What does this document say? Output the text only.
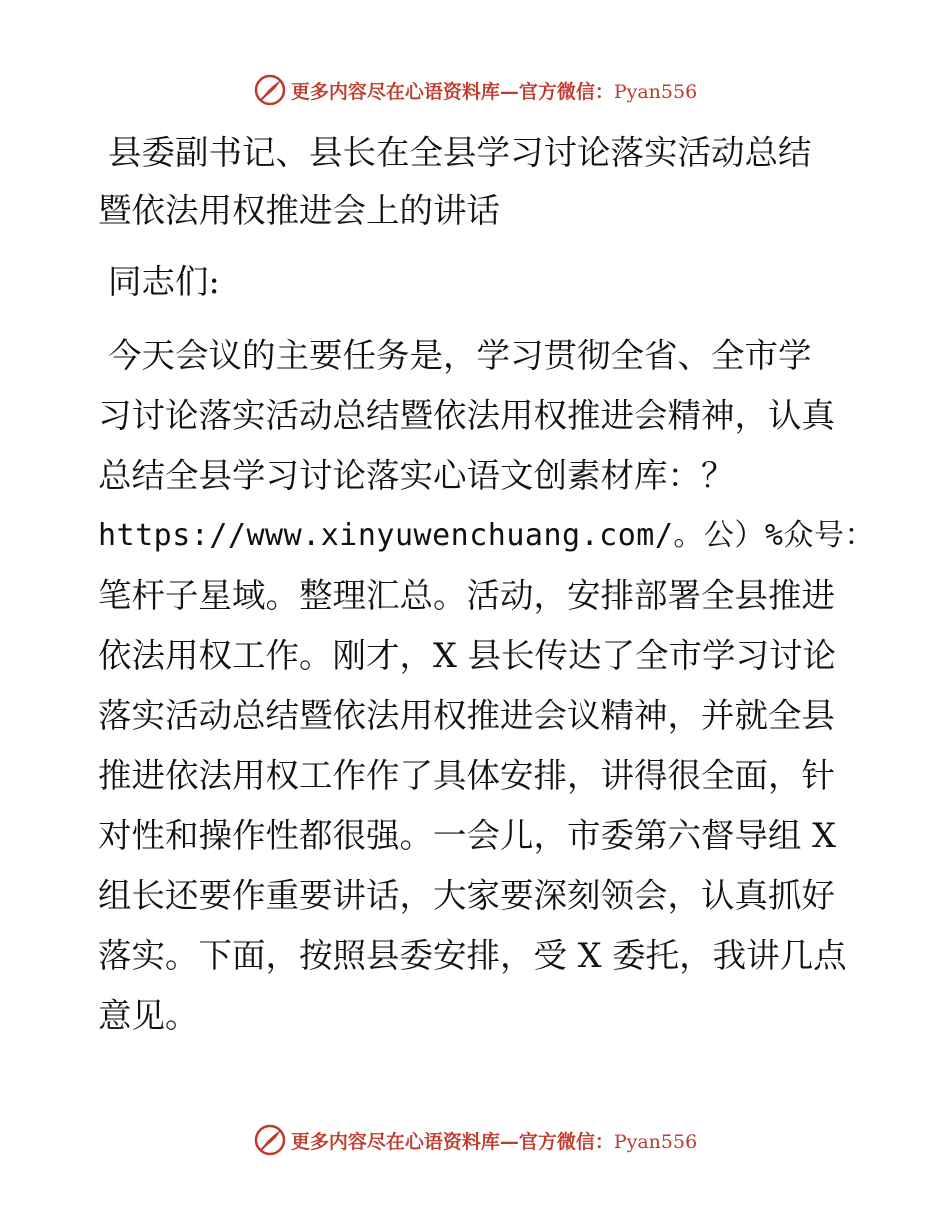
更多内容尽在心语资料库—官方微信：Pyan556
县委副书记、县长在全县学习讨论落实活动总结
暨依法用权推进会上的讲话
同志们:
今天会议的主要任务是，学习贯彻全省、全市学
习讨论落实活动总结暨依法用权推进会精神，认真
总结全县学习讨论落实心语文创素材库：？
https://www.xinyuwenchuang.com/。公）%众号：
笔杆子星域。整理汇总。活动，安排部署全县推进
依法用权工作。刚才，X 县长传达了全市学习讨论
落实活动总结暨依法用权推进会议精神，并就全县
推进依法用权工作作了具体安排，讲得很全面，针
对性和操作性都很强。一会儿，市委第六督导组 X
组长还要作重要讲话，大家要深刻领会，认真抓好
落实。下面，按照县委安排，受 X 委托，我讲几点
意见。
更多内容尽在心语资料库—官方微信：Pyan556
